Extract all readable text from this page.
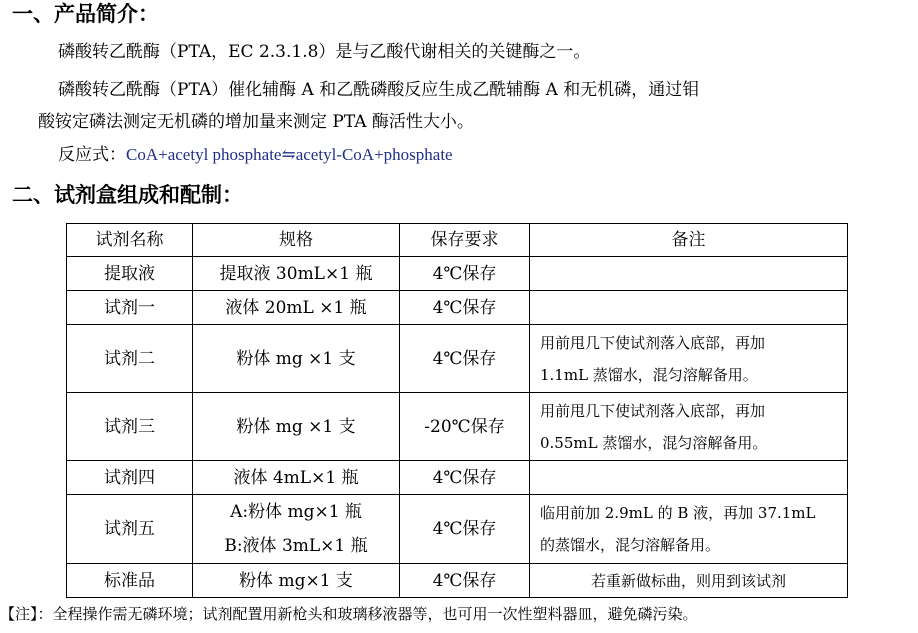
一、产品简介：
磷酸转乙酰酶（PTA，EC 2.3.1.8）是与乙酸代谢相关的关键酶之一。
磷酸转乙酰酶（PTA）催化辅酶 A 和乙酰磷酸反应生成乙酰辅酶 A 和无机磷，通过钼
酸铵定磷法测定无机磷的增加量来测定 PTA 酶活性大小。
反应式：CoA+acetyl phosphate⇋acetyl-CoA+phosphate
二、试剂盒组成和配制：
试剂名称	规格	保存要求	备注
提取液	提取液 30mL×1 瓶	4℃保存	
试剂一	液体 20mL ×1 瓶	4℃保存	
试剂二	粉体 mg ×1 支	4℃保存	用前甩几下使试剂落入底部，再加
1.1mL 蒸馏水，混匀溶解备用。

试剂三	粉体 mg ×1 支	-20℃保存	用前甩几下使试剂落入底部，再加
0.55mL 蒸馏水，混匀溶解备用。

试剂四	液体 4mL×1 瓶	4℃保存	
试剂五	A:粉体 mg×1 瓶
B:液体 3mL×1 瓶	4℃保存	临用前加 2.9mL 的 B 液，再加 37.1mL
的蒸馏水，混匀溶解备用。

标准品	粉体 mg×1 支	4℃保存	若重新做标曲，则用到该试剂
【注】：全程操作需无磷环境；试剂配置用新枪头和玻璃移液器等，也可用一次性塑料器皿，避免磷污染。
